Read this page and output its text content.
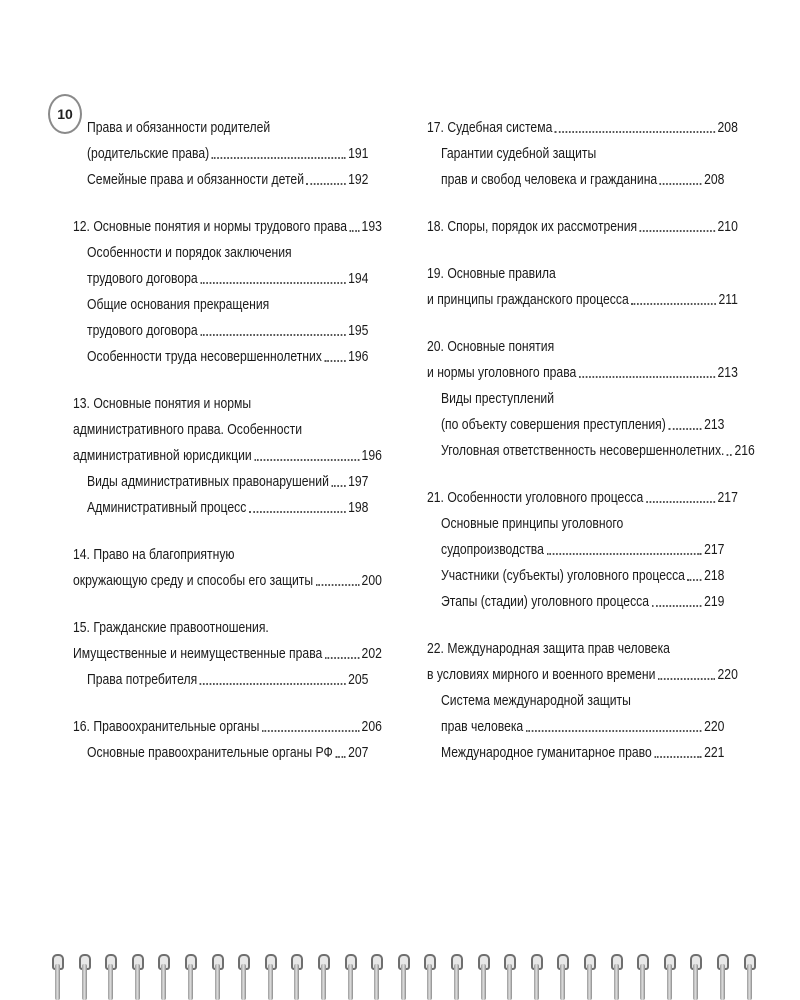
10
Права и обязанности родителей
(родительские права)	191
Семейные права и обязанности детей	192
12. Основные понятия и нормы трудового права 193
Особенности и порядок заключения
трудового договора	194
Общие основания прекращения
трудового договора	195
Особенности труда несовершеннолетних 196
13. Основные понятия и нормы
административного права. Особенности
административной юрисдикции	196
Виды административных правонарушений 197
Административный процесс	198
14. Право на благоприятную
окружающую среду и способы его защиты	200
15. Гражданские правоотношения.
Имущественные и неимущественные права	202
Права потребителя	205
16. Правоохранительные органы	206
Основные правоохранительные органы РФ 207
17. Судебная система	208
Гарантии судебной защиты
прав и свобод человека и гражданина	208
18. Споры, порядок их рассмотрения	210
19. Основные правила
и принципы гражданского процесса	211
20. Основные понятия
и нормы уголовного права	213
Виды преступлений
(по объекту совершения преступления)	213
Уголовная ответственность несовершеннолетних. 216
21. Особенности уголовного процесса	217
Основные принципы уголовного
судопроизводства	217
Участники (субъекты) уголовного процесса 218
Этапы (стадии) уголовного процесса	219
22. Международная защита прав человека
в условиях мирного и военного времени	220
Система международной защиты
прав человека	220
Международное гуманитарное право	221
